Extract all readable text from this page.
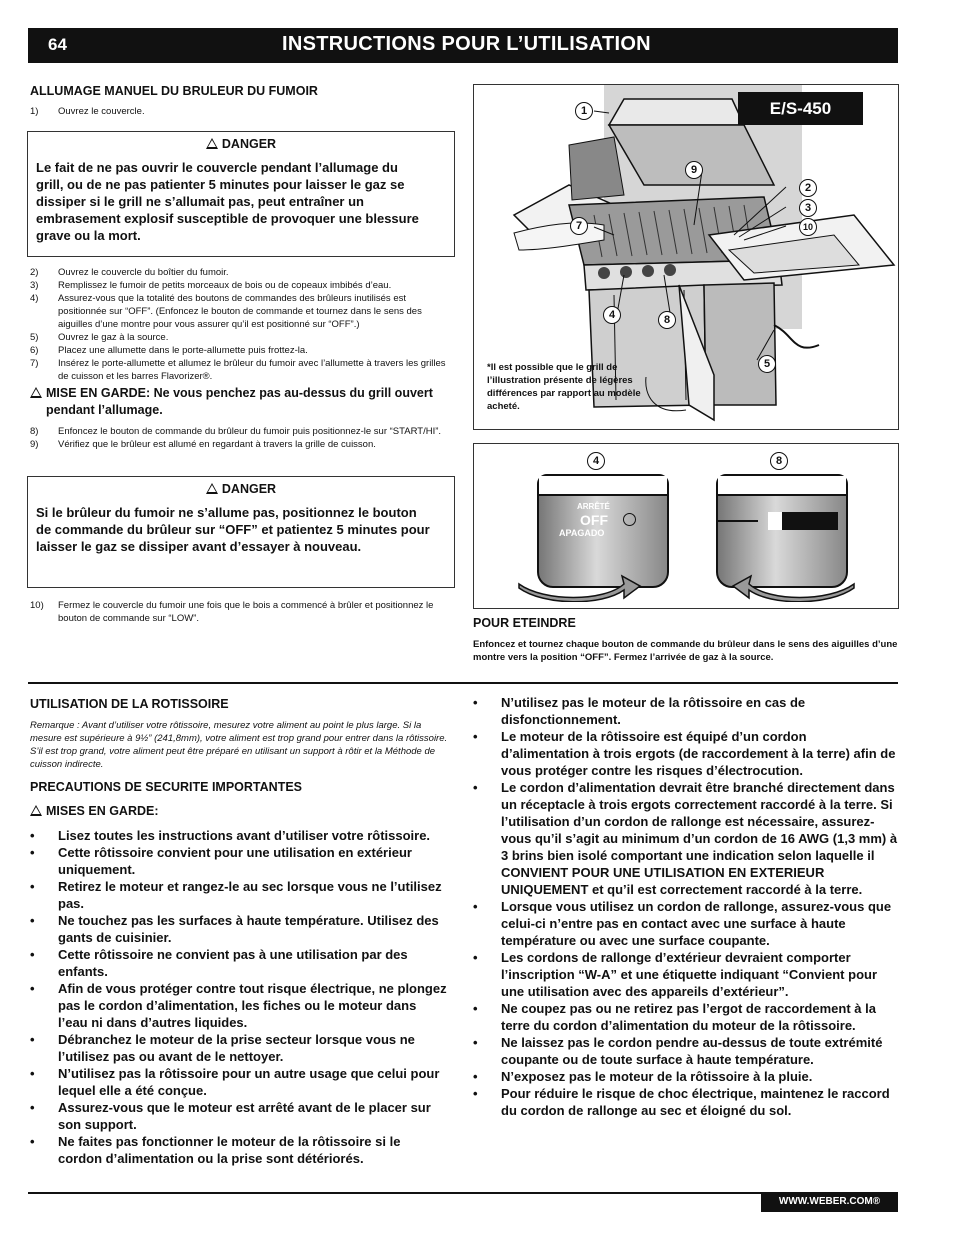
64	INSTRUCTIONS POUR L’UTILISATION
ALLUMAGE MANUEL DU BRULEUR DU FUMOIR
1)	Ouvrez le couvercle.
DANGER
Le fait de ne pas ouvrir le couvercle pendant l’allumage du grill, ou de ne pas patienter 5 minutes pour laisser le gaz se dissiper si le grill ne s’allumait pas, peut entraîner un embrasement explosif susceptible de provoquer une blessure grave ou la mort.
2)	Ouvrez le couvercle du boîtier du fumoir.
3)	Remplissez le fumoir de petits morceaux de bois ou de copeaux imbibés d’eau.
4)	Assurez-vous que la totalité des boutons de commandes des brûleurs inutilisés est positionnée sur “OFF”. (Enfoncez le bouton de commande et tournez dans le sens des aiguilles d’une montre pour vous assurer qu’il est positionné sur “OFF”.)
5)	Ouvrez le gaz à la source.
6)	Placez une allumette dans le porte-allumette puis frottez-la.
7)	Insérez le porte-allumette et allumez le brûleur du fumoir avec l’allumette à travers les grilles de cuisson et les barres Flavorizer®.
MISE EN GARDE: Ne vous penchez pas au-dessus du grill ouvert pendant l’allumage.
8)	Enfoncez le bouton de commande du brûleur du fumoir puis positionnez-le sur “START/HI”.
9)	Vérifiez que le brûleur est allumé en regardant à travers la grille de cuisson.
DANGER
Si le brûleur du fumoir ne s’allume pas, positionnez le bouton de commande du brûleur sur “OFF” et patientez 5 minutes pour laisser le gaz se dissiper avant d’essayer à nouveau.
10)	Fermez le couvercle du fumoir une fois que le bois a commencé à brûler et positionnez le bouton de commande sur “LOW”.
E/S-450
1
2
3
10
9
7
4	8
5
*Il est possible que le grill de l’illustration présente de légères différences par rapport au modèle acheté.
4	8
ARRÊTÉ
OFF
APAGADO
POUR ETEINDRE
Enfoncez et tournez chaque bouton de commande du brûleur dans le sens des aiguilles d’une montre vers la position “OFF”. Fermez l’arrivée de gaz à la source.
UTILISATION DE LA ROTISSOIRE
Remarque : Avant d’utiliser votre rôtissoire, mesurez votre aliment au point le plus large. Si la mesure est supérieure à 9½” (241,8mm), votre aliment est trop grand pour entrer dans la rôtissoire. S’il est trop grand, votre aliment peut être préparé en utilisant un support à rôtir et la Méthode de cuisson indirecte.
PRECAUTIONS DE SECURITE IMPORTANTES
MISES EN GARDE:
•	Lisez toutes les instructions avant d’utiliser votre rôtissoire.
•	Cette rôtissoire convient pour une utilisation en extérieur uniquement.
•	Retirez le moteur et rangez-le au sec lorsque vous ne l’utilisez pas.
•	Ne touchez pas les surfaces à haute température. Utilisez des gants de cuisinier.
•	Cette rôtissoire ne convient pas à une utilisation par des enfants.
•	Afin de vous protéger contre tout risque électrique, ne plongez pas le cordon d’alimentation, les fiches ou le moteur dans l’eau ni dans d’autres liquides.
•	Débranchez le moteur de la prise secteur lorsque vous ne l’utilisez pas ou avant de le nettoyer.
•	N’utilisez pas la rôtissoire pour un autre usage que celui pour lequel elle a été conçue.
•	Assurez-vous que le moteur est arrêté avant de le placer sur son support.
•	Ne faites pas fonctionner le moteur de la rôtissoire si le cordon d’alimentation ou la prise sont détériorés.
•	N’utilisez pas le moteur de la rôtissoire en cas de disfonctionnement.
•	Le moteur de la rôtissoire est équipé d’un cordon d’alimentation à trois ergots (de raccordement à la terre) afin de vous protéger contre les risques d’électrocution.
•	Le cordon d’alimentation devrait être branché directement dans un réceptacle à trois ergots correctement raccordé à la terre. Si l’utilisation d’un cordon de rallonge est nécessaire, assurez-vous qu’il s’agit au minimum d’un cordon de 16 AWG (1,3 mm) à 3 brins bien isolé comportant une indication selon laquelle il CONVIENT POUR UNE UTILISATION EN EXTERIEUR UNIQUEMENT et qu’il est correctement raccordé à la terre.
•	Lorsque vous utilisez un cordon de rallonge, assurez-vous que celui-ci n’entre pas en contact avec une surface à haute température ou avec une surface coupante.
•	Les cordons de rallonge d’extérieur devraient comporter l’inscription “W-A” et une étiquette indiquant “Convient pour une utilisation avec des appareils d’extérieur”.
•	Ne coupez pas ou ne retirez pas l’ergot de raccordement à la terre du cordon d’alimentation du moteur de la rôtissoire.
•	Ne laissez pas le cordon pendre au-dessus de toute extrémité coupante ou de toute surface à haute température.
•	N’exposez pas le moteur de la rôtissoire à la pluie.
•	Pour réduire le risque de choc électrique, maintenez le raccord du cordon de rallonge au sec et éloigné du sol.
WWW.WEBER.COM®
